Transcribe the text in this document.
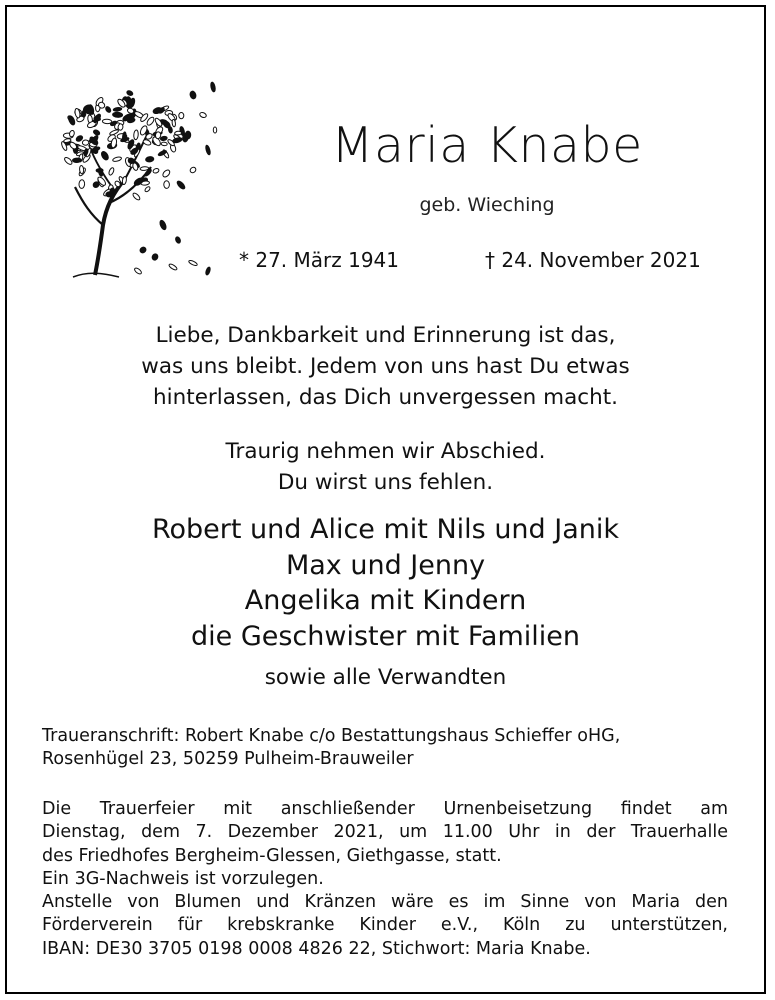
Maria Knabe
geb. Wieching
* 27. März 1941	† 24. November 2021
Liebe, Dankbarkeit und Erinnerung ist das,
was uns bleibt. Jedem von uns hast Du etwas
hinterlassen, das Dich unvergessen macht.
Traurig nehmen wir Abschied.
Du wirst uns fehlen.
Robert und Alice mit Nils und Janik
Max und Jenny
Angelika mit Kindern
die Geschwister mit Familien
sowie alle Verwandten
Traueranschrift: Robert Knabe c/o Bestattungshaus Schieffer oHG,
Rosenhügel 23, 50259 Pulheim-Brauweiler
Die Trauerfeier mit anschließender Urnenbeisetzung findet am
Dienstag, dem 7. Dezember 2021, um 11.00 Uhr in der Trauerhalle
des Friedhofes Bergheim-Glessen, Giethgasse, statt.
Ein 3G-Nachweis ist vorzulegen.
Anstelle von Blumen und Kränzen wäre es im Sinne von Maria den
Förderverein für krebskranke Kinder e.V., Köln zu unterstützen,
IBAN: DE30 3705 0198 0008 4826 22, Stichwort: Maria Knabe.
